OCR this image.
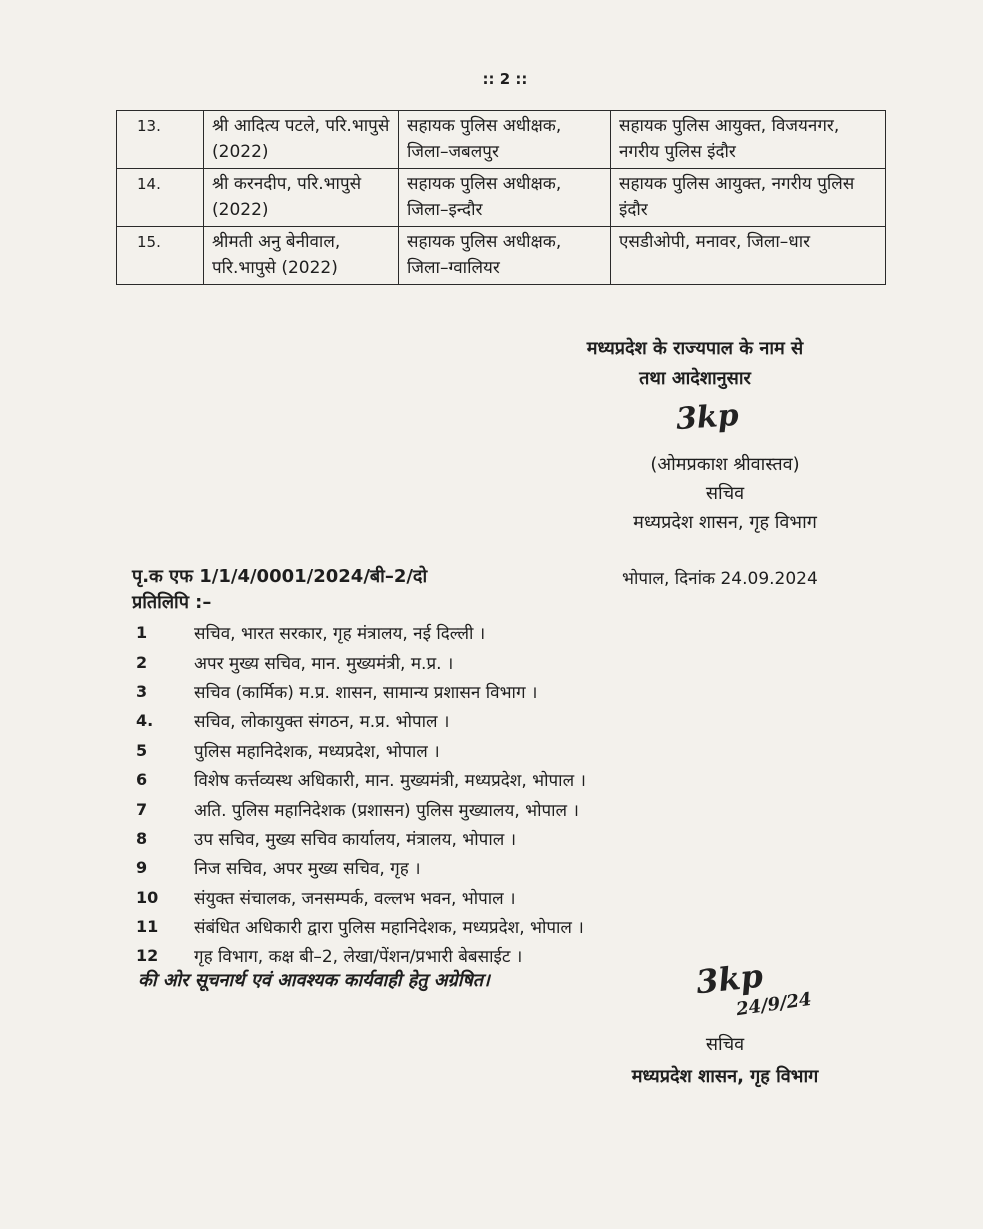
:: 2 ::
13.	श्री आदित्य पटले, परि.भापुसे (2022)	सहायक पुलिस अधीक्षक, जिला–जबलपुर	सहायक पुलिस आयुक्त, विजयनगर, नगरीय पुलिस इंदौर
14.	श्री करनदीप, परि.भापुसे (2022)	सहायक पुलिस अधीक्षक, जिला–इन्दौर	सहायक पुलिस आयुक्त, नगरीय पुलिस इंदौर
15.	श्रीमती अनु बेनीवाल, परि.भापुसे (2022)	सहायक पुलिस अधीक्षक, जिला–ग्वालियर	एसडीओपी, मनावर, जिला–धार
मध्यप्रदेश के राज्यपाल के नाम से
तथा आदेशानुसार
3kp
(ओमप्रकाश श्रीवास्तव)
सचिव
मध्यप्रदेश शासन, गृह विभाग
पृ.क एफ 1/1/4/0001/2024/बी–2/दो	भोपाल, दिनांक 24.09.2024
प्रतिलिपि :–
1	सचिव, भारत सरकार, गृह मंत्रालय, नई दिल्ली ।
2	अपर मुख्य सचिव, मान. मुख्यमंत्री, म.प्र. ।
3	सचिव (कार्मिक) म.प्र. शासन, सामान्य प्रशासन विभाग ।
4.	सचिव, लोकायुक्त संगठन, म.प्र. भोपाल ।
5	पुलिस महानिदेशक, मध्यप्रदेश, भोपाल ।
6	विशेष कर्त्तव्यस्थ अधिकारी, मान. मुख्यमंत्री, मध्यप्रदेश, भोपाल ।
7	अति. पुलिस महानिदेशक (प्रशासन) पुलिस मुख्यालय, भोपाल ।
8	उप सचिव, मुख्य सचिव कार्यालय, मंत्रालय, भोपाल ।
9	निज सचिव, अपर मुख्य सचिव, गृह ।
10	संयुक्त संचालक, जनसम्पर्क, वल्लभ भवन, भोपाल ।
11	संबंधित अधिकारी द्वारा पुलिस महानिदेशक, मध्यप्रदेश, भोपाल ।
12	गृह विभाग, कक्ष बी–2, लेखा/पेंशन/प्रभारी बेबसाईट ।
की ओर सूचनार्थ एवं आवश्यक कार्यवाही हेतु अग्रेषित।	3kp
24/9/24
सचिव
मध्यप्रदेश शासन, गृह विभाग
